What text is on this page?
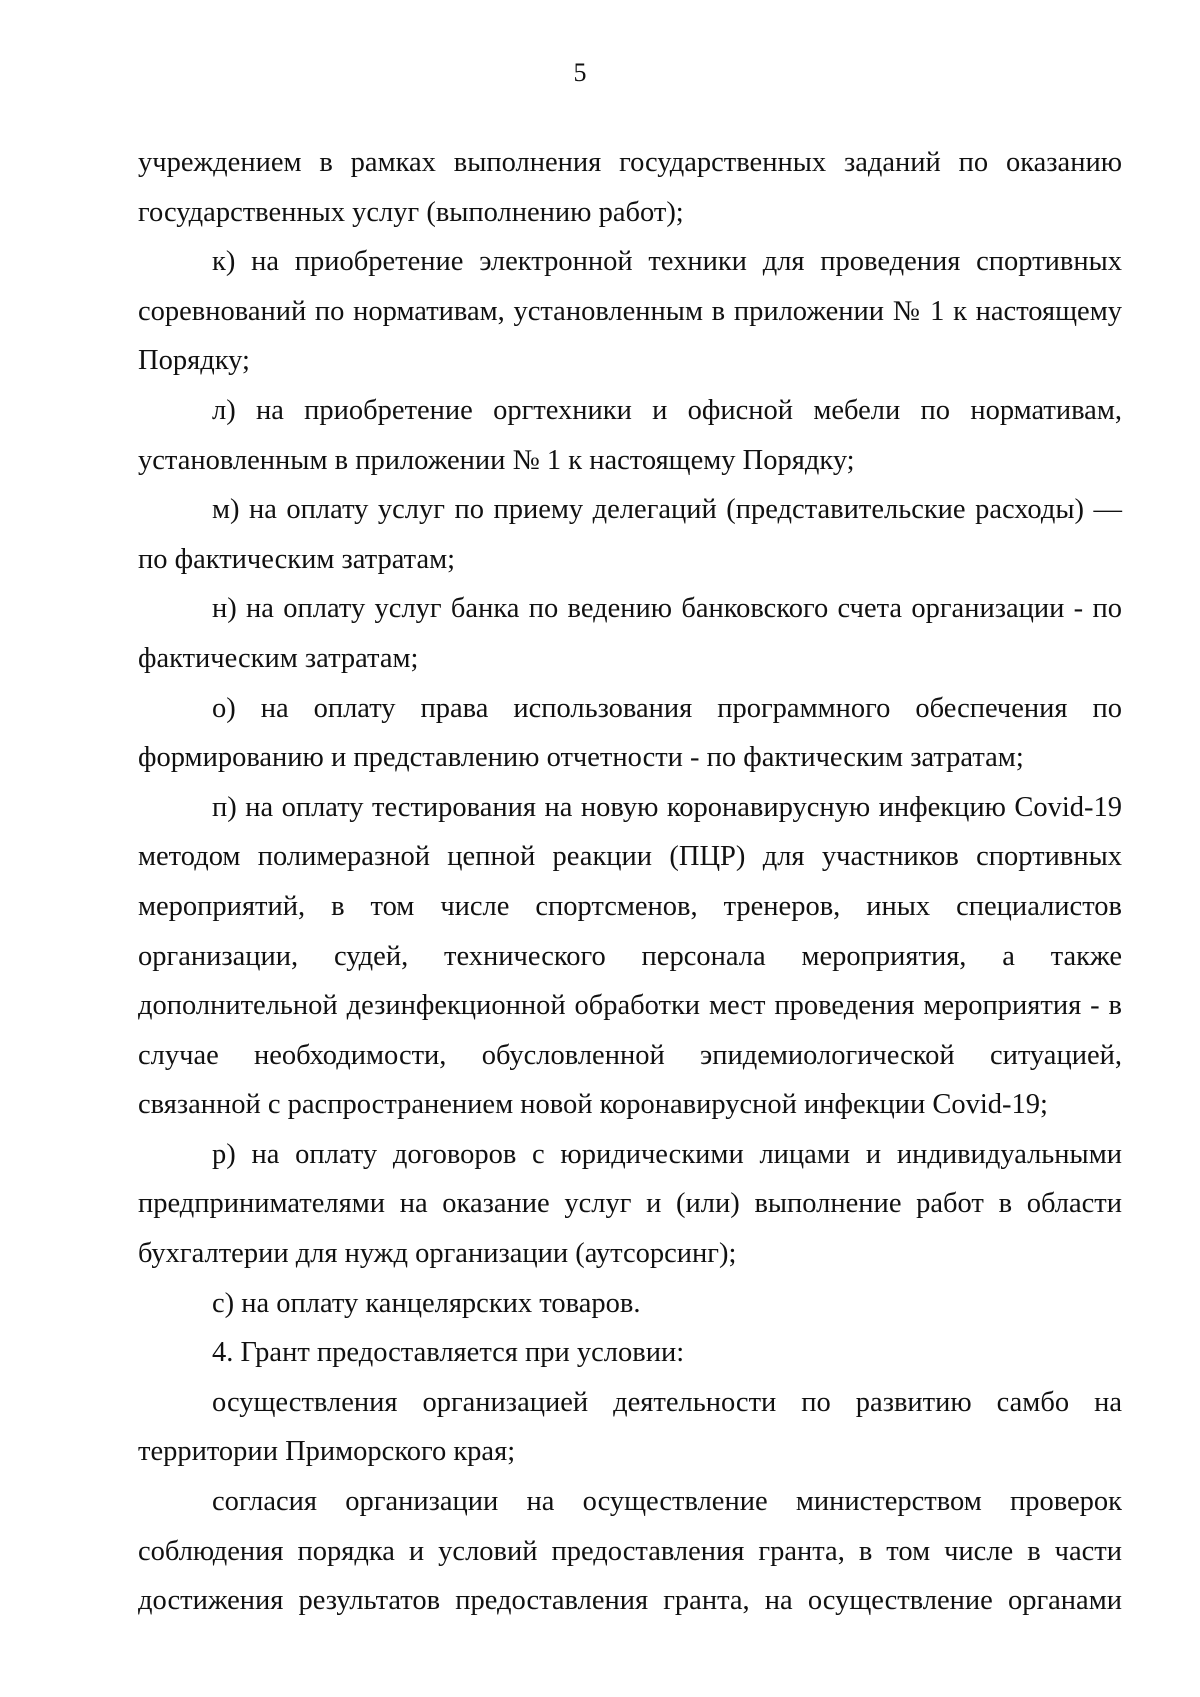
5

учреждением в рамках выполнения государственных заданий по оказанию государственных услуг (выполнению работ);

к) на приобретение электронной техники для проведения спортивных соревнований по нормативам, установленным в приложении № 1 к настоящему Порядку;

л) на приобретение оргтехники и офисной мебели по нормативам, установленным в приложении № 1 к настоящему Порядку;

м) на оплату услуг по приему делегаций (представительские расходы) — по фактическим затратам;

н) на оплату услуг банка по ведению банковского счета организации - по фактическим затратам;

о) на оплату права использования программного обеспечения по формированию и представлению отчетности - по фактическим затратам;

п) на оплату тестирования на новую коронавирусную инфекцию Covid-19 методом полимеразной цепной реакции (ПЦР) для участников спортивных мероприятий, в том числе спортсменов, тренеров, иных специалистов организации, судей, технического персонала мероприятия, а также дополнительной дезинфекционной обработки мест проведения мероприятия - в случае необходимости, обусловленной эпидемиологической ситуацией, связанной с распространением новой коронавирусной инфекции Covid-19;

р) на оплату договоров с юридическими лицами и индивидуальными предпринимателями на оказание услуг и (или) выполнение работ в области бухгалтерии для нужд организации (аутсорсинг);

с) на оплату канцелярских товаров.

4. Грант предоставляется при условии:

осуществления организацией деятельности по развитию самбо на территории Приморского края;

согласия организации на осуществление министерством проверок соблюдения порядка и условий предоставления гранта, в том числе в части достижения результатов предоставления гранта, на осуществление органами
